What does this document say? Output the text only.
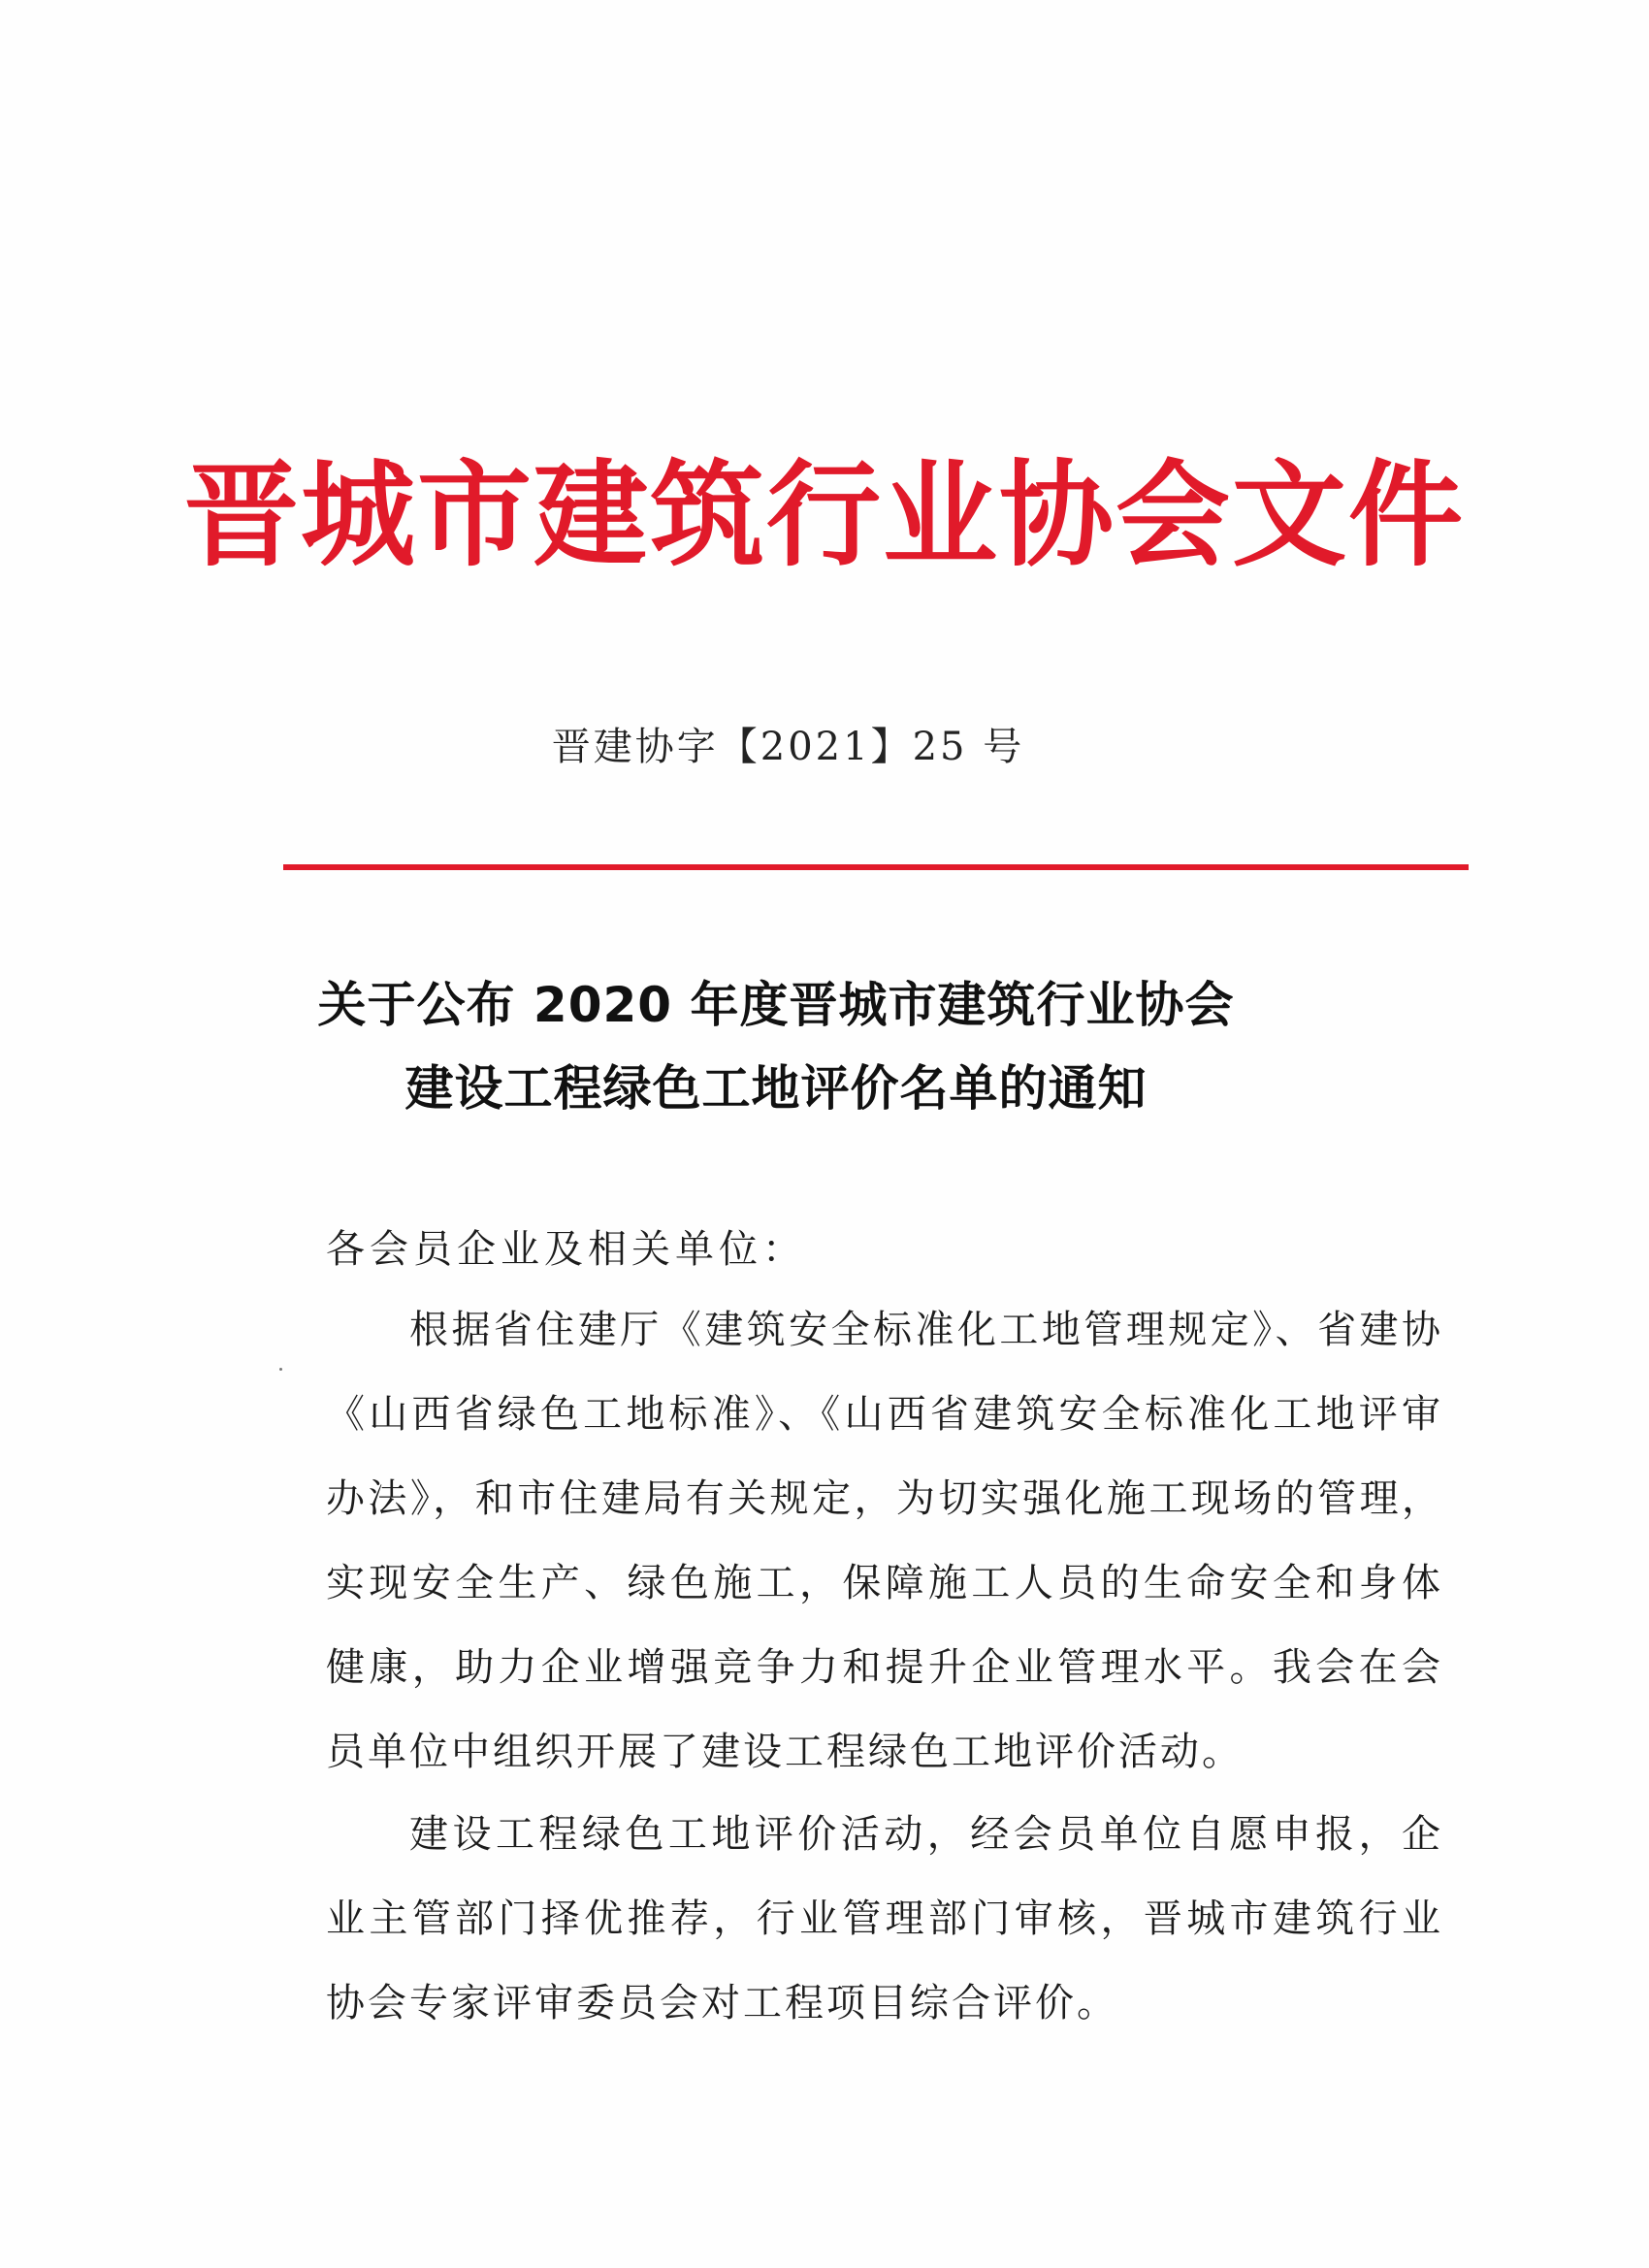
晋城市建筑行业协会文件
晋建协字【2021】25 号
关于公布 2020 年度晋城市建筑行业协会
建设工程绿色工地评价名单的通知
各会员企业及相关单位：
根据省住建厅《建筑安全标准化工地管理规定》、省建协《山西省绿色工地标准》、《山西省建筑安全标准化工地评审办法》，和市住建局有关规定，为切实强化施工现场的管理，实现安全生产、绿色施工，保障施工人员的生命安全和身体健康，助力企业增强竞争力和提升企业管理水平。我会在会员单位中组织开展了建设工程绿色工地评价活动。
建设工程绿色工地评价活动，经会员单位自愿申报，企业主管部门择优推荐，行业管理部门审核，晋城市建筑行业协会专家评审委员会对工程项目综合评价。
